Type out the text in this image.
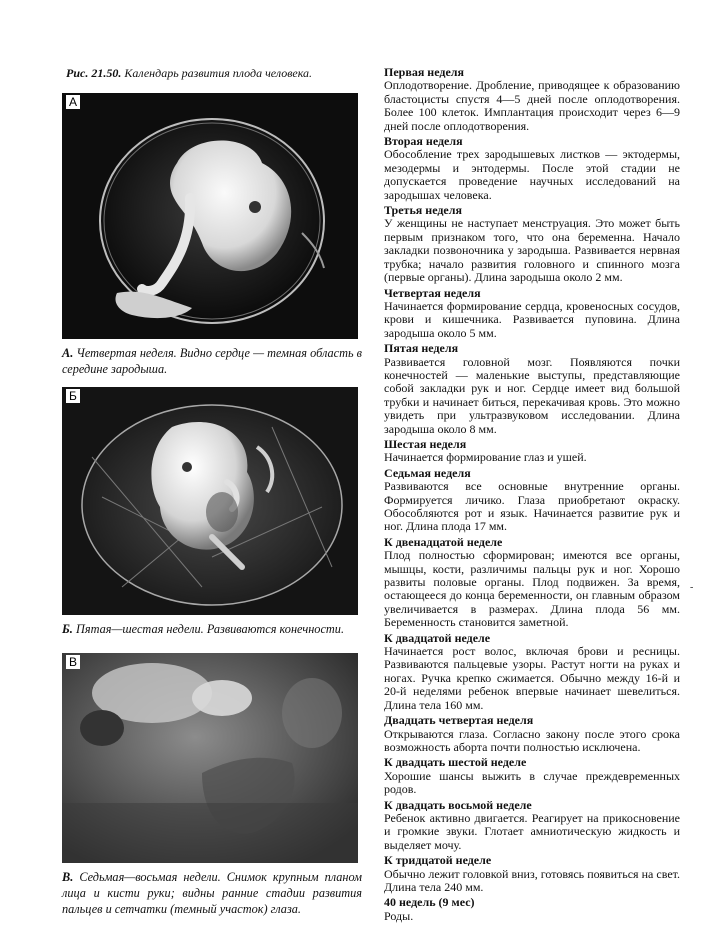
Рис. 21.50. Календарь развития плода человека.
А
А. Четвертая неделя. Видно сердце — темная область в середине зародыша.
Б
Б. Пятая—шестая недели. Развиваются конечности.
В
В. Седьмая—восьмая недели. Снимок крупным планом лица и кисти руки; видны ранние стадии развития пальцев и сетчатки (темный участок) глаза.
Первая неделя
Оплодотворение. Дробление, приводящее к образованию бластоцисты спустя 4—5 дней после оплодотворения. Более 100 клеток. Имплантация происходит через 6—9 дней после оплодотворения.
Вторая неделя
Обособление трех зародышевых листков — эктодермы, мезодермы и энтодермы. После этой стадии не допускается проведение научных исследований на зародышах человека.
Третья неделя
У женщины не наступает менструация. Это может быть первым признаком того, что она беременна. Начало закладки позвоночника у зародыша. Развивается нервная трубка; начало развития головного и спинного мозга (первые органы). Длина зародыша около 2 мм.
Четвертая неделя
Начинается формирование сердца, кровеносных сосудов, крови и кишечника. Развивается пуповина. Длина зародыша около 5 мм.
Пятая неделя
Развивается головной мозг. Появляются почки конечностей — маленькие выступы, представляющие собой закладки рук и ног. Сердце имеет вид большой трубки и начинает биться, перекачивая кровь. Это можно увидеть при ультразвуковом исследовании. Длина зародыша около 8 мм.
Шестая неделя
Начинается формирование глаз и ушей.
Седьмая неделя
Развиваются все основные внутренние органы. Формируется личико. Глаза приобретают окраску. Обособляются рот и язык. Начинается развитие рук и ног. Длина плода 17 мм.
К двенадцатой неделе
Плод полностью сформирован; имеются все органы, мышцы, кости, различимы пальцы рук и ног. Хорошо развиты половые органы. Плод подвижен. За время, остающееся до конца беременности, он главным образом увеличивается в размерах. Длина плода 56 мм. Беременность становится заметной.
К двадцатой неделе
Начинается рост волос, включая брови и ресницы. Развиваются пальцевые узоры. Растут ногти на руках и ногах. Ручка крепко сжимается. Обычно между 16-й и 20-й неделями ребенок впервые начинает шевелиться. Длина тела 160 мм.
Двадцать четвертая неделя
Открываются глаза. Согласно закону после этого срока возможность аборта почти полностью исключена.
К двадцать шестой неделе
Хорошие шансы выжить в случае преждевременных родов.
К двадцать восьмой неделе
Ребенок активно двигается. Реагирует на прикосновение и громкие звуки. Глотает амниотическую жидкость и выделяет мочу.
К тридцатой неделе
Обычно лежит головкой вниз, готовясь появиться на свет. Длина тела 240 мм.
40 недель (9 мес)
Роды.
-
